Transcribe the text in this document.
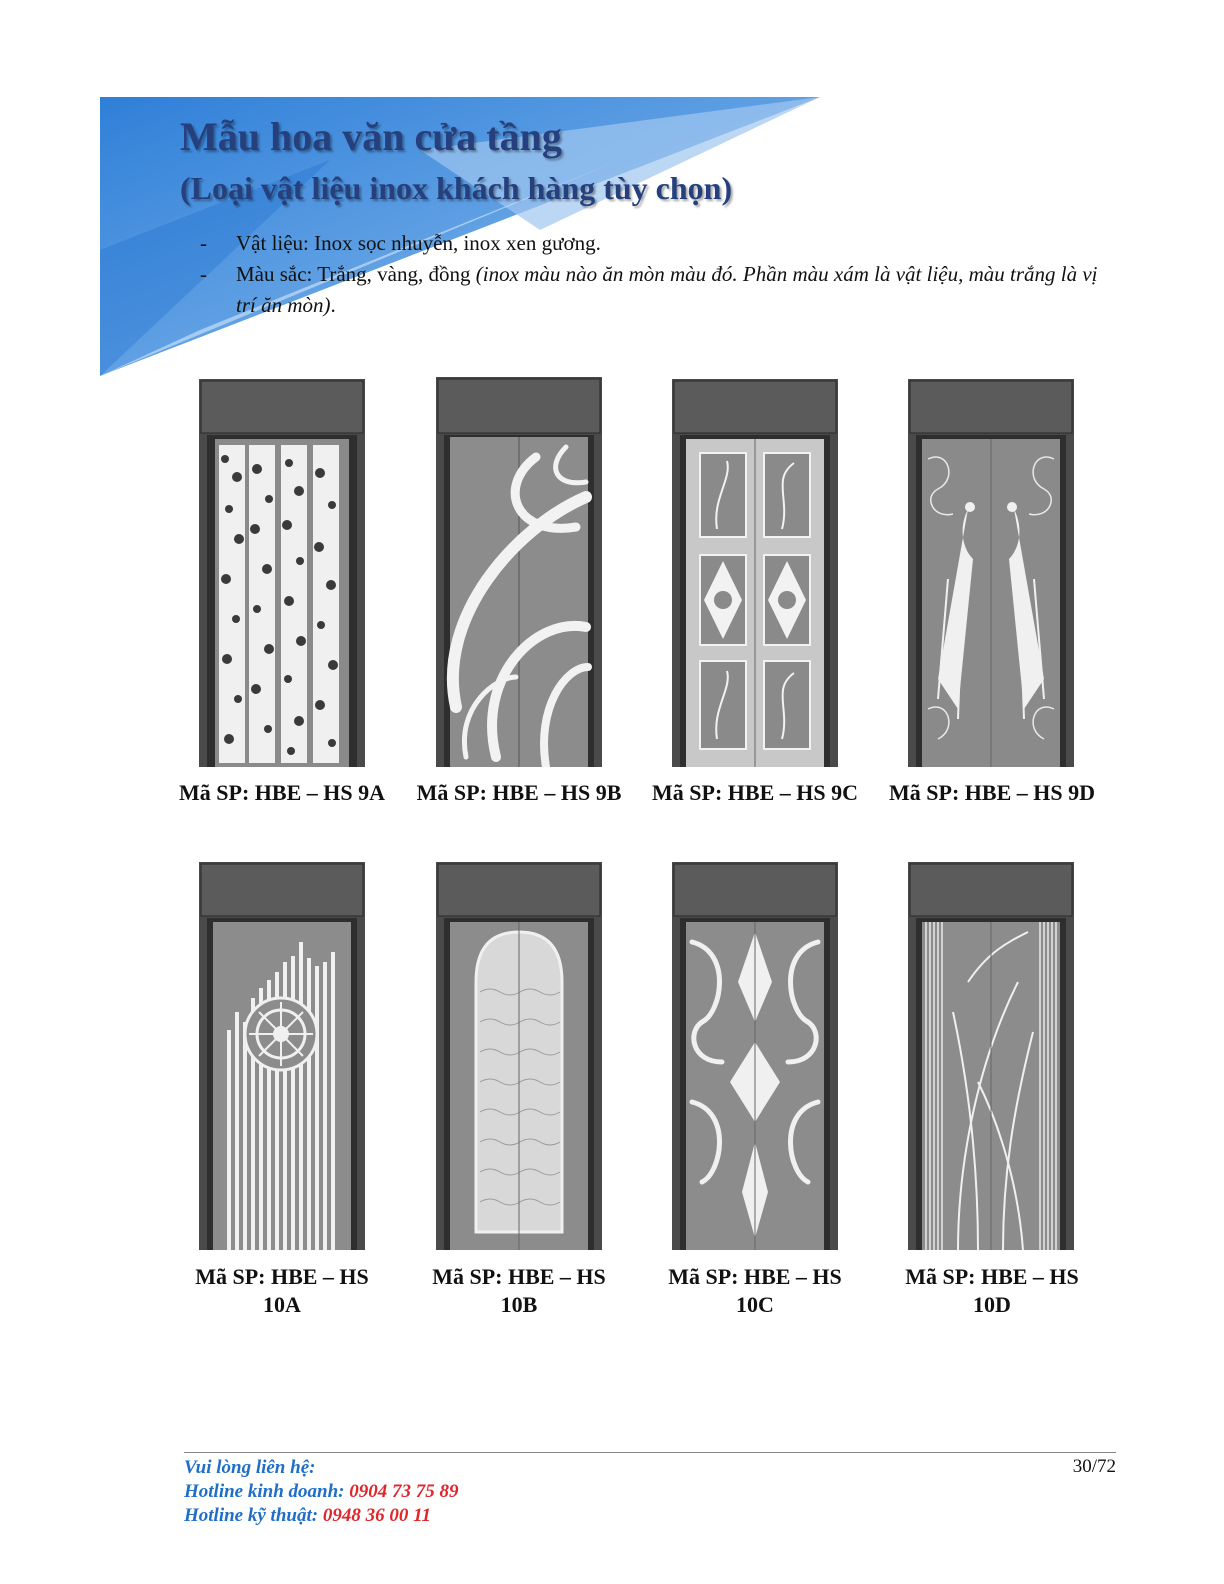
Mẫu hoa văn cửa tầng
(Loại vật liệu inox khách hàng tùy chọn)
- Vật liệu: Inox sọc nhuyễn, inox xen gương.
- Màu sắc: Trắng, vàng, đồng (inox màu nào ăn mòn màu đó. Phần màu xám là vật liệu, màu trắng là vị trí ăn mòn).
Mã SP: HBE – HS 9A	Mã SP: HBE – HS 9B	Mã SP: HBE – HS 9C	Mã SP: HBE – HS 9D
Mã SP: HBE – HS
10A
Mã SP: HBE – HS
10B
Mã SP: HBE – HS
10C
Mã SP: HBE – HS
10D
Vui lòng liên hệ:
Hotline kinh doanh: 0904 73 75 89
Hotline kỹ thuật: 0948 36 00 11
30/72
